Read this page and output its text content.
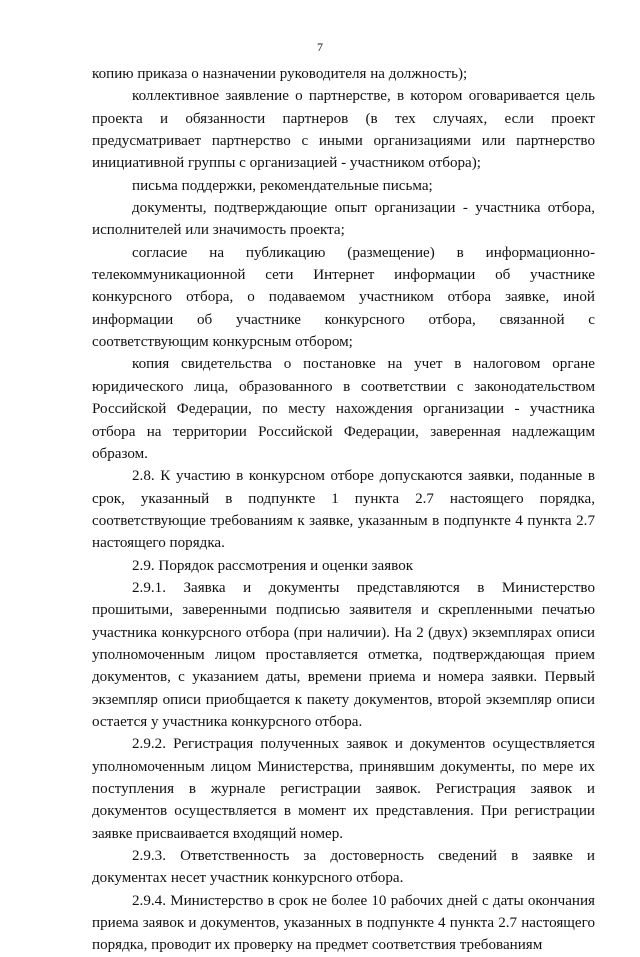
7

копию приказа о назначении руководителя на должность);

коллективное заявление о партнерстве, в котором оговаривается цель проекта и обязанности партнеров (в тех случаях, если проект предусматривает партнерство с иными организациями или партнерство инициативной группы с организацией - участником отбора);

письма поддержки, рекомендательные письма;

документы, подтверждающие опыт организации - участника отбора, исполнителей или значимость проекта;

согласие на публикацию (размещение) в информационно-телекоммуникационной сети Интернет информации об участнике конкурсного отбора, о подаваемом участником отбора заявке, иной информации об участнике конкурсного отбора, связанной с соответствующим конкурсным отбором;

копия свидетельства о постановке на учет в налоговом органе юридического лица, образованного в соответствии с законодательством Российской Федерации, по месту нахождения организации - участника отбора на территории Российской Федерации, заверенная надлежащим образом.

2.8. К участию в конкурсном отборе допускаются заявки, поданные в срок, указанный в подпункте 1 пункта 2.7 настоящего порядка, соответствующие требованиям к заявке, указанным в подпункте 4 пункта 2.7 настоящего порядка.

2.9. Порядок рассмотрения и оценки заявок

2.9.1. Заявка и документы представляются в Министерство прошитыми, заверенными подписью заявителя и скрепленными печатью участника конкурсного отбора (при наличии). На 2 (двух) экземплярах описи уполномоченным лицом проставляется отметка, подтверждающая прием документов, с указанием даты, времени приема и номера заявки. Первый экземпляр описи приобщается к пакету документов, второй экземпляр описи остается у участника конкурсного отбора.

2.9.2. Регистрация полученных заявок и документов осуществляется уполномоченным лицом Министерства, принявшим документы, по мере их поступления в журнале регистрации заявок. Регистрация заявок и документов осуществляется в момент их представления. При регистрации заявке присваивается входящий номер.

2.9.3. Ответственность за достоверность сведений в заявке и документах несет участник конкурсного отбора.

2.9.4. Министерство в срок не более 10 рабочих дней с даты окончания приема заявок и документов, указанных в подпункте 4 пункта 2.7 настоящего порядка, проводит их проверку на предмет соответствия требованиям
